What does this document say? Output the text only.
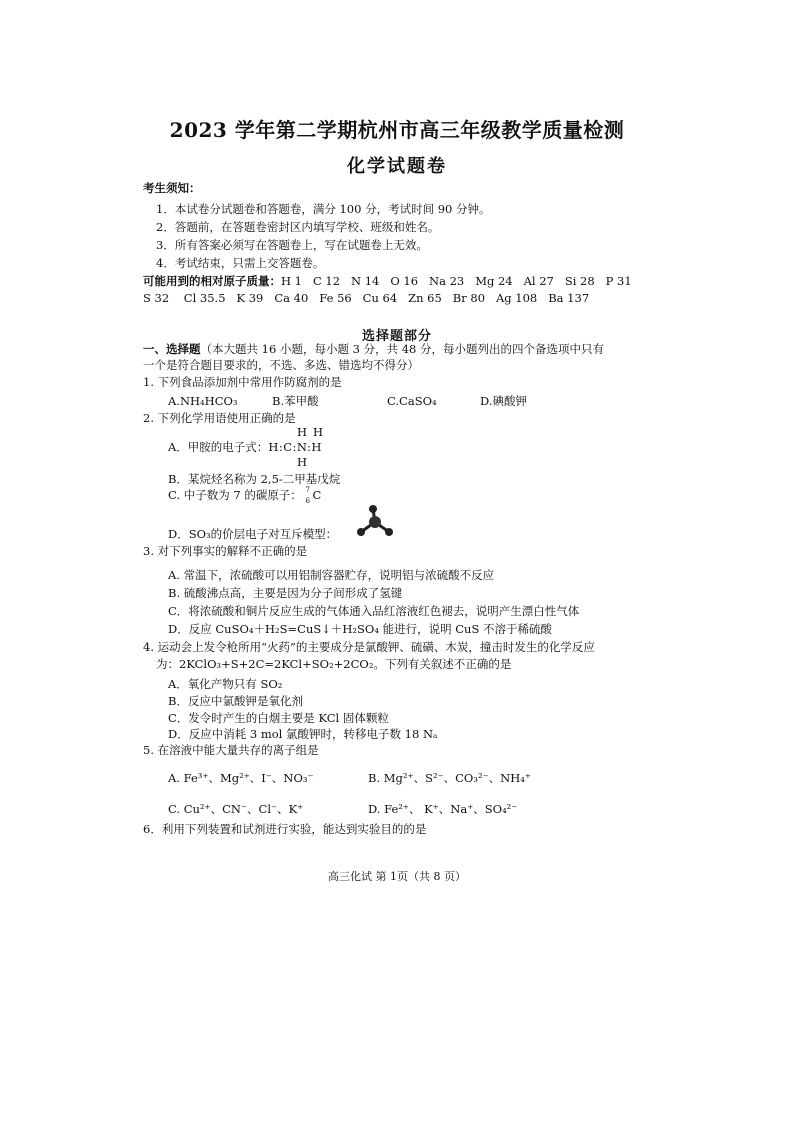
2023 学年第二学期杭州市高三年级教学质量检测
化学试题卷
考生须知：
1．本试卷分试题卷和答题卷，满分 100 分，考试时间 90 分钟。
2．答题前，在答题卷密封区内填写学校、班级和姓名。
3．所有答案必须写在答题卷上，写在试题卷上无效。
4．考试结束，只需上交答题卷。
可能用到的相对原子质量：H 1   C 12   N 14   O 16   Na 23   Mg 24   Al 27   Si 28   P 31
S 32    Cl 35.5   K 39   Ca 40   Fe 56   Cu 64   Zn 65   Br 80   Ag 108   Ba 137
选择题部分
一、选择题（本大题共 16 小题，每小题 3 分，共 48 分，每小题列出的四个备选项中只有
一个是符合题目要求的，不选、多选、错选均不得分）
1. 下列食品添加剂中常用作防腐剂的是
A.NH₄HCO₃	B.苯甲酸	C.CaSO₄	D.碘酸钾
2. 下列化学用语使用正确的是
HH
A．甲胺的电子式：H:C:N:H
H
B．某烷烃名称为 2,5-二甲基戊烷
C. 中子数为 7 的碳原子： 7
6 C
D．SO₃的价层电子对互斥模型：
3. 对下列事实的解释不正确的是
A. 常温下，浓硫酸可以用铝制容器贮存，说明铝与浓硫酸不反应
B. 硫酸沸点高，主要是因为分子间形成了氢键
C．将浓硫酸和铜片反应生成的气体通入品红溶液红色褪去，说明产生漂白性气体
D．反应 CuSO₄＋H₂S=CuS↓＋H₂SO₄ 能进行，说明 CuS 不溶于稀硫酸
4. 运动会上发令枪所用“火药”的主要成分是氯酸钾、硫磺、木炭，撞击时发生的化学反应
为：2KClO₃+S+2C=2KCl+SO₂+2CO₂。下列有关叙述不正确的是
A．氧化产物只有 SO₂
B．反应中氯酸钾是氧化剂
C．发令时产生的白烟主要是 KCl 固体颗粒
D．反应中消耗 3 mol 氯酸钾时，转移电子数 18 Nₐ
5. 在溶液中能大量共存的离子组是
A. Fe³⁺、Mg²⁺、I⁻、NO₃⁻	B. Mg²⁺、S²⁻、CO₃²⁻、NH₄⁺
C. Cu²⁺、CN⁻、Cl⁻、K⁺	D. Fe²⁺、 K⁺、Na⁺、SO₄²⁻
6．利用下列装置和试剂进行实验，能达到实验目的的是
高三化试 第 1页（共 8 页）
